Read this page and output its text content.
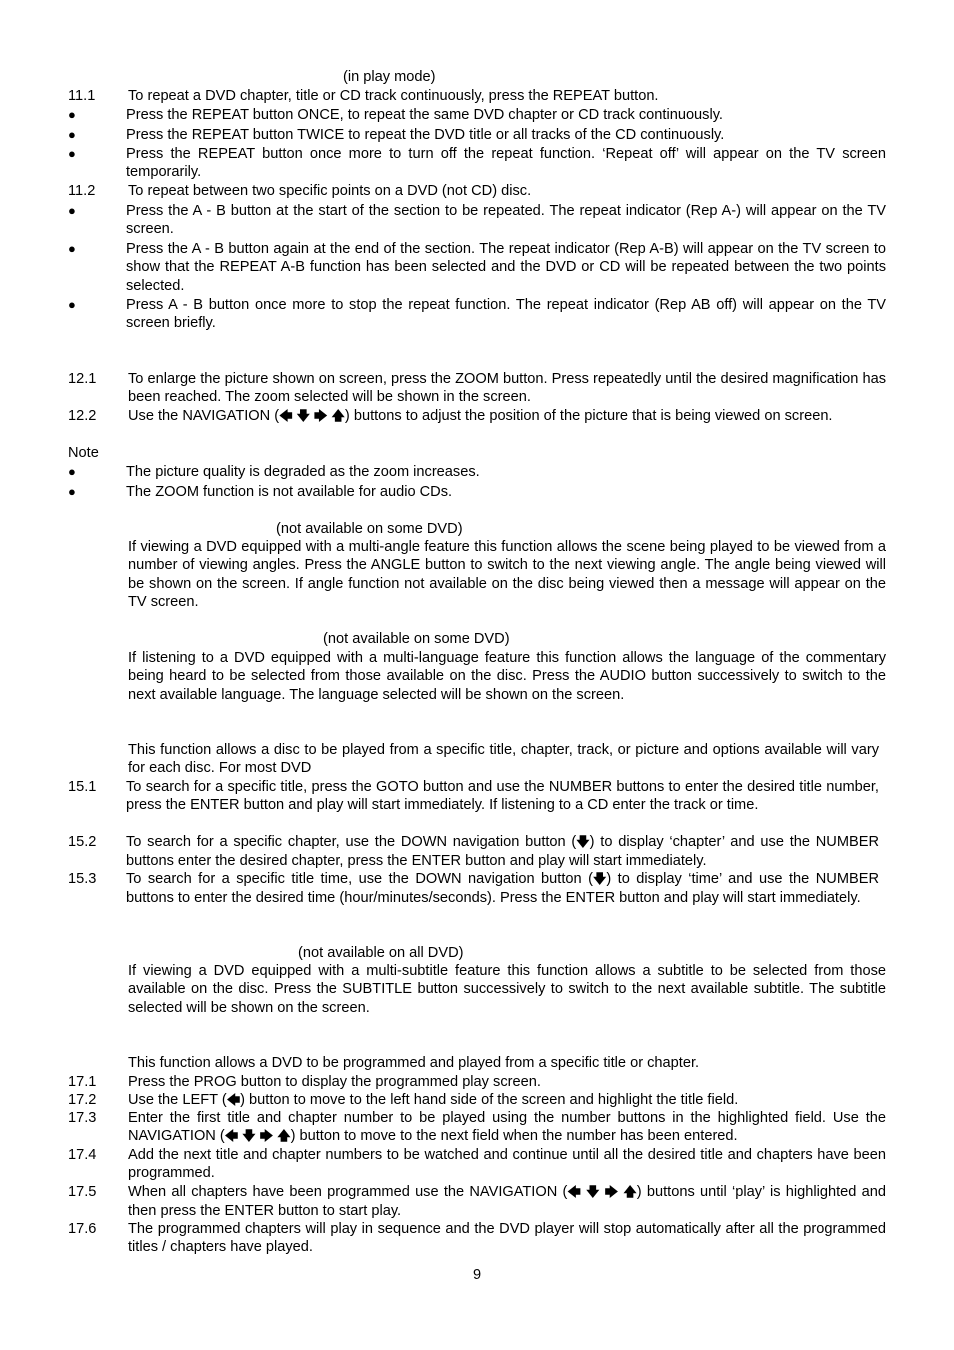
(in play mode)
11.1 To repeat a DVD chapter, title or CD track continuously, press the REPEAT button.
●	Press the REPEAT button ONCE, to repeat the same DVD chapter or CD track continuously.
●	Press the REPEAT button TWICE to repeat the DVD title or all tracks of the CD continuously.
●	Press the REPEAT button once more to turn off the repeat function. ‘Repeat off’ will appear on the TV screen temporarily.
11.2 To repeat between two specific points on a DVD (not CD) disc.
●	Press the A - B button at the start of the section to be repeated. The repeat indicator (Rep A-) will appear on the TV screen.
●	Press the A - B button again at the end of the section. The repeat indicator (Rep A-B) will appear on the TV screen to show that the REPEAT A-B function has been selected and the DVD or CD will be repeated between the two points selected.
●	Press A - B button once more to stop the repeat function. The repeat indicator (Rep AB off) will appear on the TV screen briefly.
12.1 To enlarge the picture shown on screen, press the ZOOM button. Press repeatedly until the desired magnification has been reached. The zoom selected will be shown in the screen.
12.2 Use the NAVIGATION (🡄 🡇 🡆 🡅) buttons to adjust the position of the picture that is being viewed on screen.
Note
●	The picture quality is degraded as the zoom increases.
●	The ZOOM function is not available for audio CDs.
(not available on some DVD)
If viewing a DVD equipped with a multi-angle feature this function allows the scene being played to be viewed from a number of viewing angles. Press the ANGLE button to switch to the next viewing angle. The angle being viewed will be shown on the screen. If angle function not available on the disc being viewed then a message will appear on the TV screen.
(not available on some DVD)
If listening to a DVD equipped with a multi-language feature this function allows the language of the commentary being heard to be selected from those available on the disc. Press the AUDIO button successively to switch to the next available language. The language selected will be shown on the screen.
This function allows a disc to be played from a specific title, chapter, track, or picture and options available will vary for each disc. For most DVD
15.1 To search for a specific title, press the GOTO button and use the NUMBER buttons to enter the desired title number, press the ENTER button and play will start immediately. If listening to a CD enter the track or time.
15.2 To search for a specific chapter, use the DOWN navigation button (🡇) to display ‘chapter’ and use the NUMBER buttons enter the desired chapter, press the ENTER button and play will start immediately.
15.3 To search for a specific title time, use the DOWN navigation button (🡇) to display ‘time’ and use the NUMBER buttons to enter the desired time (hour/minutes/seconds). Press the ENTER button and play will start immediately.
(not available on all DVD)
If viewing a DVD equipped with a multi-subtitle feature this function allows a subtitle to be selected from those available on the disc. Press the SUBTITLE button successively to switch to the next available subtitle. The subtitle selected will be shown on the screen.
This function allows a DVD to be programmed and played from a specific title or chapter.
17.1 Press the PROG button to display the programmed play screen.
17.2 Use the LEFT (🡄) button to move to the left hand side of the screen and highlight the title field.
17.3 Enter the first title and chapter number to be played using the number buttons in the highlighted field. Use the NAVIGATION (🡄 🡇 🡆 🡅) button to move to the next field when the number has been entered.
17.4 Add the next title and chapter numbers to be watched and continue until all the desired title and chapters have been programmed.
17.5 When all chapters have been programmed use the NAVIGATION (🡄 🡇 🡆 🡅) buttons until ‘play’ is highlighted and then press the ENTER button to start play.
17.6 The programmed chapters will play in sequence and the DVD player will stop automatically after all the programmed titles / chapters have played.
9
